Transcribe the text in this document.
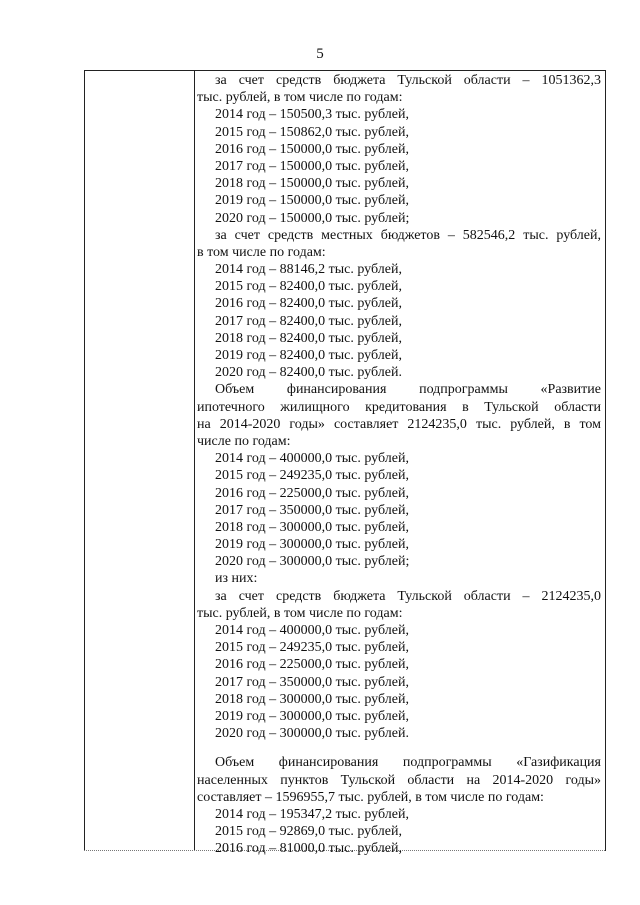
5
за счет средств бюджета Тульской области – 1051362,3
тыс. рублей, в том числе по годам:
2014 год – 150500,3 тыс. рублей,
2015 год – 150862,0 тыс. рублей,
2016 год – 150000,0 тыс. рублей,
2017 год – 150000,0 тыс. рублей,
2018 год – 150000,0 тыс. рублей,
2019 год – 150000,0 тыс. рублей,
2020 год – 150000,0 тыс. рублей;
за счет средств местных бюджетов – 582546,2 тыс. рублей,
в том числе по годам:
2014 год – 88146,2 тыс. рублей,
2015 год – 82400,0 тыс. рублей,
2016 год – 82400,0 тыс. рублей,
2017 год – 82400,0 тыс. рублей,
2018 год – 82400,0 тыс. рублей,
2019 год – 82400,0 тыс. рублей,
2020 год – 82400,0 тыс. рублей.
Объем финансирования подпрограммы «Развитие
ипотечного жилищного кредитования в Тульской области
на 2014-2020 годы» составляет 2124235,0 тыс. рублей, в том
числе по годам:
2014 год – 400000,0 тыс. рублей,
2015 год – 249235,0 тыс. рублей,
2016 год – 225000,0 тыс. рублей,
2017 год – 350000,0 тыс. рублей,
2018 год – 300000,0 тыс. рублей,
2019 год – 300000,0 тыс. рублей,
2020 год – 300000,0 тыс. рублей;
из них:
за счет средств бюджета Тульской области – 2124235,0
тыс. рублей, в том числе по годам:
2014 год – 400000,0 тыс. рублей,
2015 год – 249235,0 тыс. рублей,
2016 год – 225000,0 тыс. рублей,
2017 год – 350000,0 тыс. рублей,
2018 год – 300000,0 тыс. рублей,
2019 год – 300000,0 тыс. рублей,
2020 год – 300000,0 тыс. рублей.
Объем финансирования подпрограммы «Газификация
населенных пунктов Тульской области на 2014-2020 годы»
составляет – 1596955,7 тыс. рублей, в том числе по годам:
2014 год – 195347,2 тыс. рублей,
2015 год – 92869,0 тыс. рублей,
2016 год – 81000,0 тыс. рублей,
